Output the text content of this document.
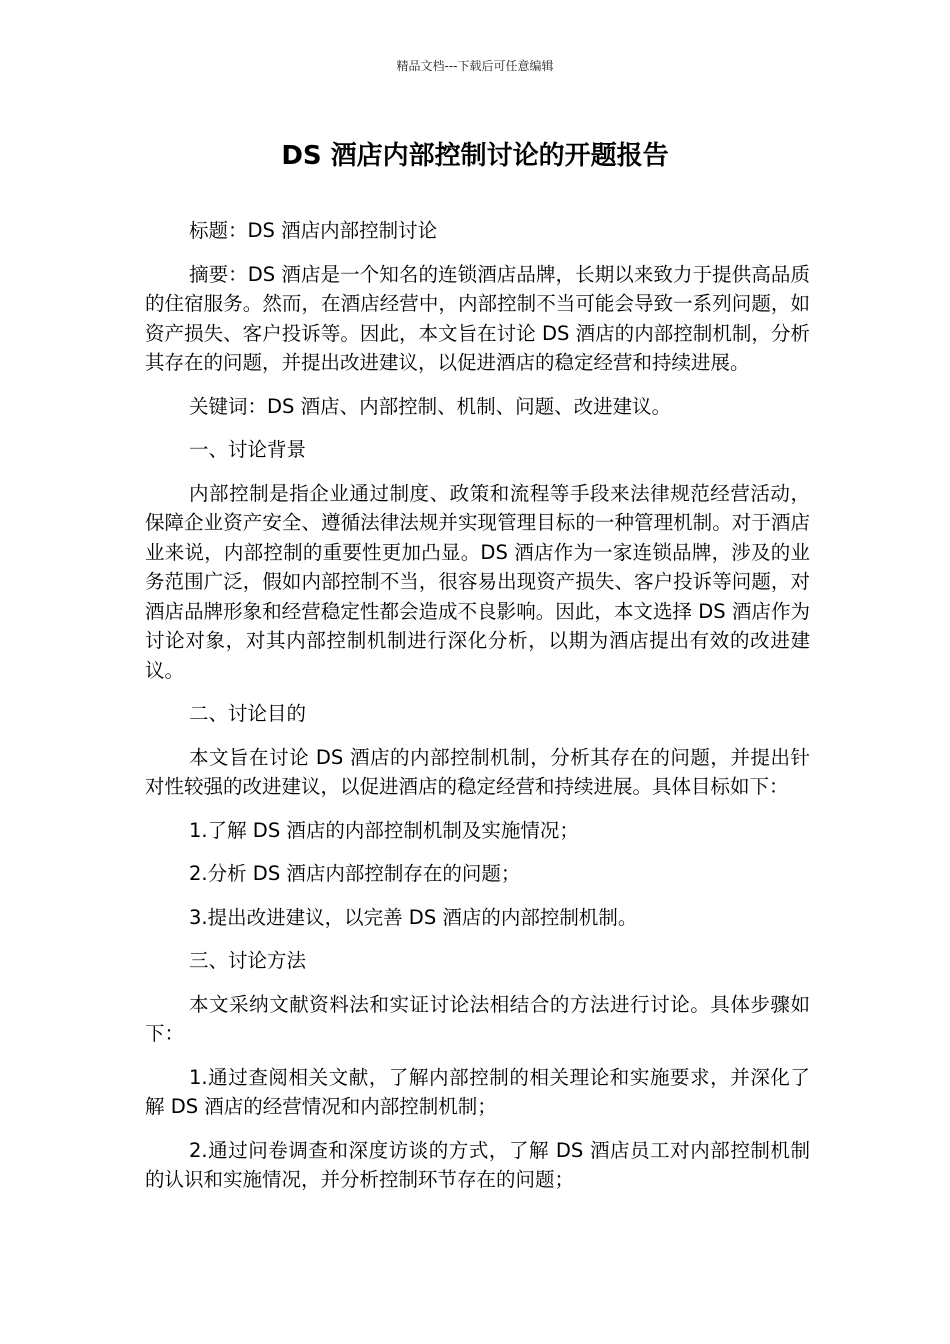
精品文档---下载后可任意编辑
DS 酒店内部控制讨论的开题报告

标题：DS 酒店内部控制讨论

摘要：DS 酒店是一个知名的连锁酒店品牌，长期以来致力于提供高品质的住宿服务。然而，在酒店经营中，内部控制不当可能会导致一系列问题，如资产损失、客户投诉等。因此，本文旨在讨论 DS 酒店的内部控制机制，分析其存在的问题，并提出改进建议，以促进酒店的稳定经营和持续进展。

关键词：DS 酒店、内部控制、机制、问题、改进建议。

一、讨论背景

内部控制是指企业通过制度、政策和流程等手段来法律规范经营活动，保障企业资产安全、遵循法律法规并实现管理目标的一种管理机制。对于酒店业来说，内部控制的重要性更加凸显。DS 酒店作为一家连锁品牌，涉及的业务范围广泛，假如内部控制不当，很容易出现资产损失、客户投诉等问题，对酒店品牌形象和经营稳定性都会造成不良影响。因此，本文选择 DS 酒店作为讨论对象，对其内部控制机制进行深化分析，以期为酒店提出有效的改进建议。

二、讨论目的

本文旨在讨论 DS 酒店的内部控制机制，分析其存在的问题，并提出针对性较强的改进建议，以促进酒店的稳定经营和持续进展。具体目标如下：

1.了解 DS 酒店的内部控制机制及实施情况；

2.分析 DS 酒店内部控制存在的问题；

3.提出改进建议，以完善 DS 酒店的内部控制机制。

三、讨论方法

本文采纳文献资料法和实证讨论法相结合的方法进行讨论。具体步骤如下：

1.通过查阅相关文献，了解内部控制的相关理论和实施要求，并深化了解 DS 酒店的经营情况和内部控制机制；

2.通过问卷调查和深度访谈的方式，了解 DS 酒店员工对内部控制机制的认识和实施情况，并分析控制环节存在的问题；
